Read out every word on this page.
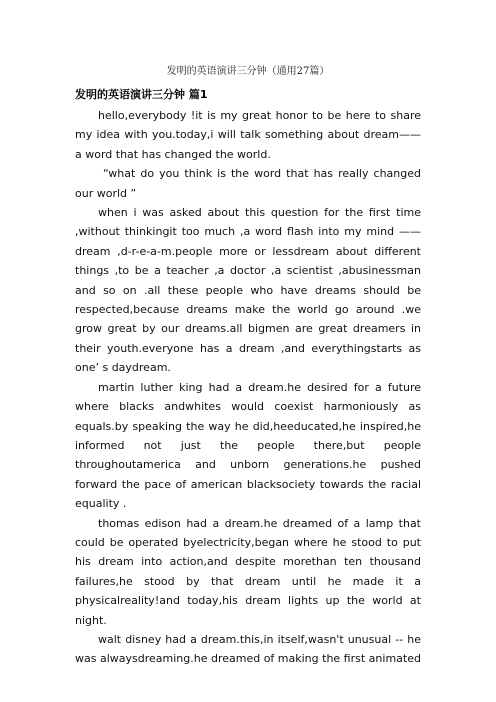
发明的英语演讲三分钟（通用27篇）
发明的英语演讲三分钟 篇1

hello,everybody !it is my great honor to be here to share my idea with you.today,i will talk something about dream——a word that has changed the world.

“what do you think is the word that has really changed our world ”

when i was asked about this question for the first time ,without thinkingit too much ,a word flash into my mind ——dream ,d-r-e-a-m.people more or lessdream about different things ,to be a teacher ,a doctor ,a scientist ,abusinessman and so on .all these people who have dreams should be respected,because dreams make the world go around .we grow great by our dreams.all bigmen are great dreamers in their youth.everyone has a dream ,and everythingstarts as one’ s daydream.

martin luther king had a dream.he desired for a future where blacks andwhites would coexist harmoniously as equals.by speaking the way he did,heeducated,he inspired,he informed not just the people there,but people throughoutamerica and unborn generations.he pushed forward the pace of american blacksociety towards the racial equality .

thomas edison had a dream.he dreamed of a lamp that could be operated byelectricity,began where he stood to put his dream into action,and despite morethan ten thousand failures,he stood by that dream until he made it a physicalreality!and today,his dream lights up the world at night.

walt disney had a dream.this,in itself,wasn't unusual -- he was alwaysdreaming.he dreamed of making the first animated
